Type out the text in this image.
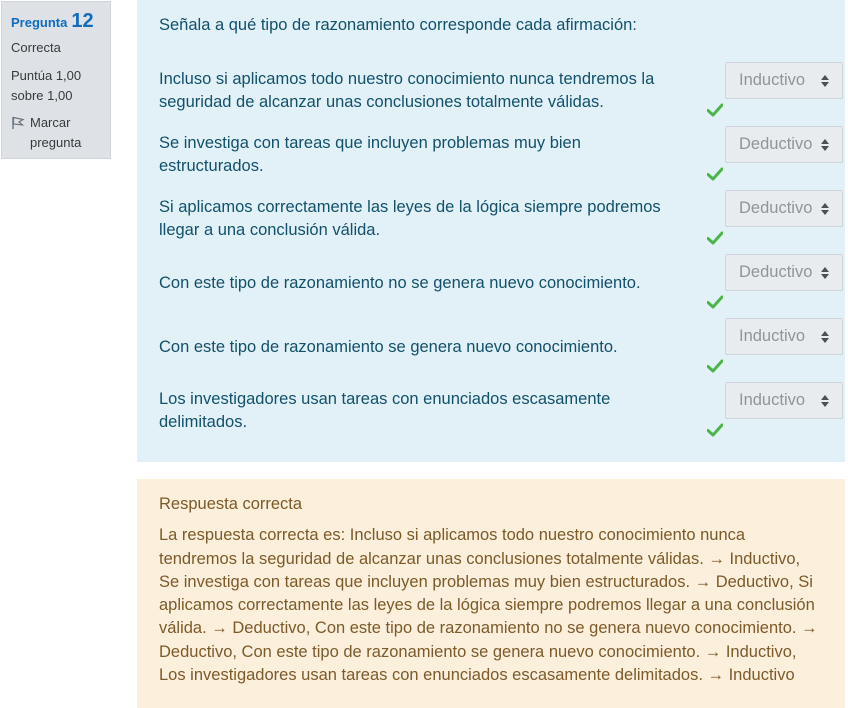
Pregunta 12
Correcta
Puntúa 1,00
sobre 1,00
Marcar
pregunta
Señala a qué tipo de razonamiento corresponde cada afirmación:
Incluso si aplicamos todo nuestro conocimiento nunca tendremos la seguridad de alcanzar unas conclusiones totalmente válidas.
Inductivo
Se investiga con tareas que incluyen problemas muy bien estructurados.
Deductivo
Si aplicamos correctamente las leyes de la lógica siempre podremos llegar a una conclusión válida.
Deductivo
Con este tipo de razonamiento no se genera nuevo conocimiento.
Deductivo
Con este tipo de razonamiento se genera nuevo conocimiento.
Inductivo
Los investigadores usan tareas con enunciados escasamente delimitados.
Inductivo
Respuesta correcta
La respuesta correcta es: Incluso si aplicamos todo nuestro conocimiento nunca tendremos la seguridad de alcanzar unas conclusiones totalmente válidas. → Inductivo, Se investiga con tareas que incluyen problemas muy bien estructurados. → Deductivo, Si aplicamos correctamente las leyes de la lógica siempre podremos llegar a una conclusión válida. → Deductivo, Con este tipo de razonamiento no se genera nuevo conocimiento. → Deductivo, Con este tipo de razonamiento se genera nuevo conocimiento. → Inductivo, Los investigadores usan tareas con enunciados escasamente delimitados. → Inductivo
